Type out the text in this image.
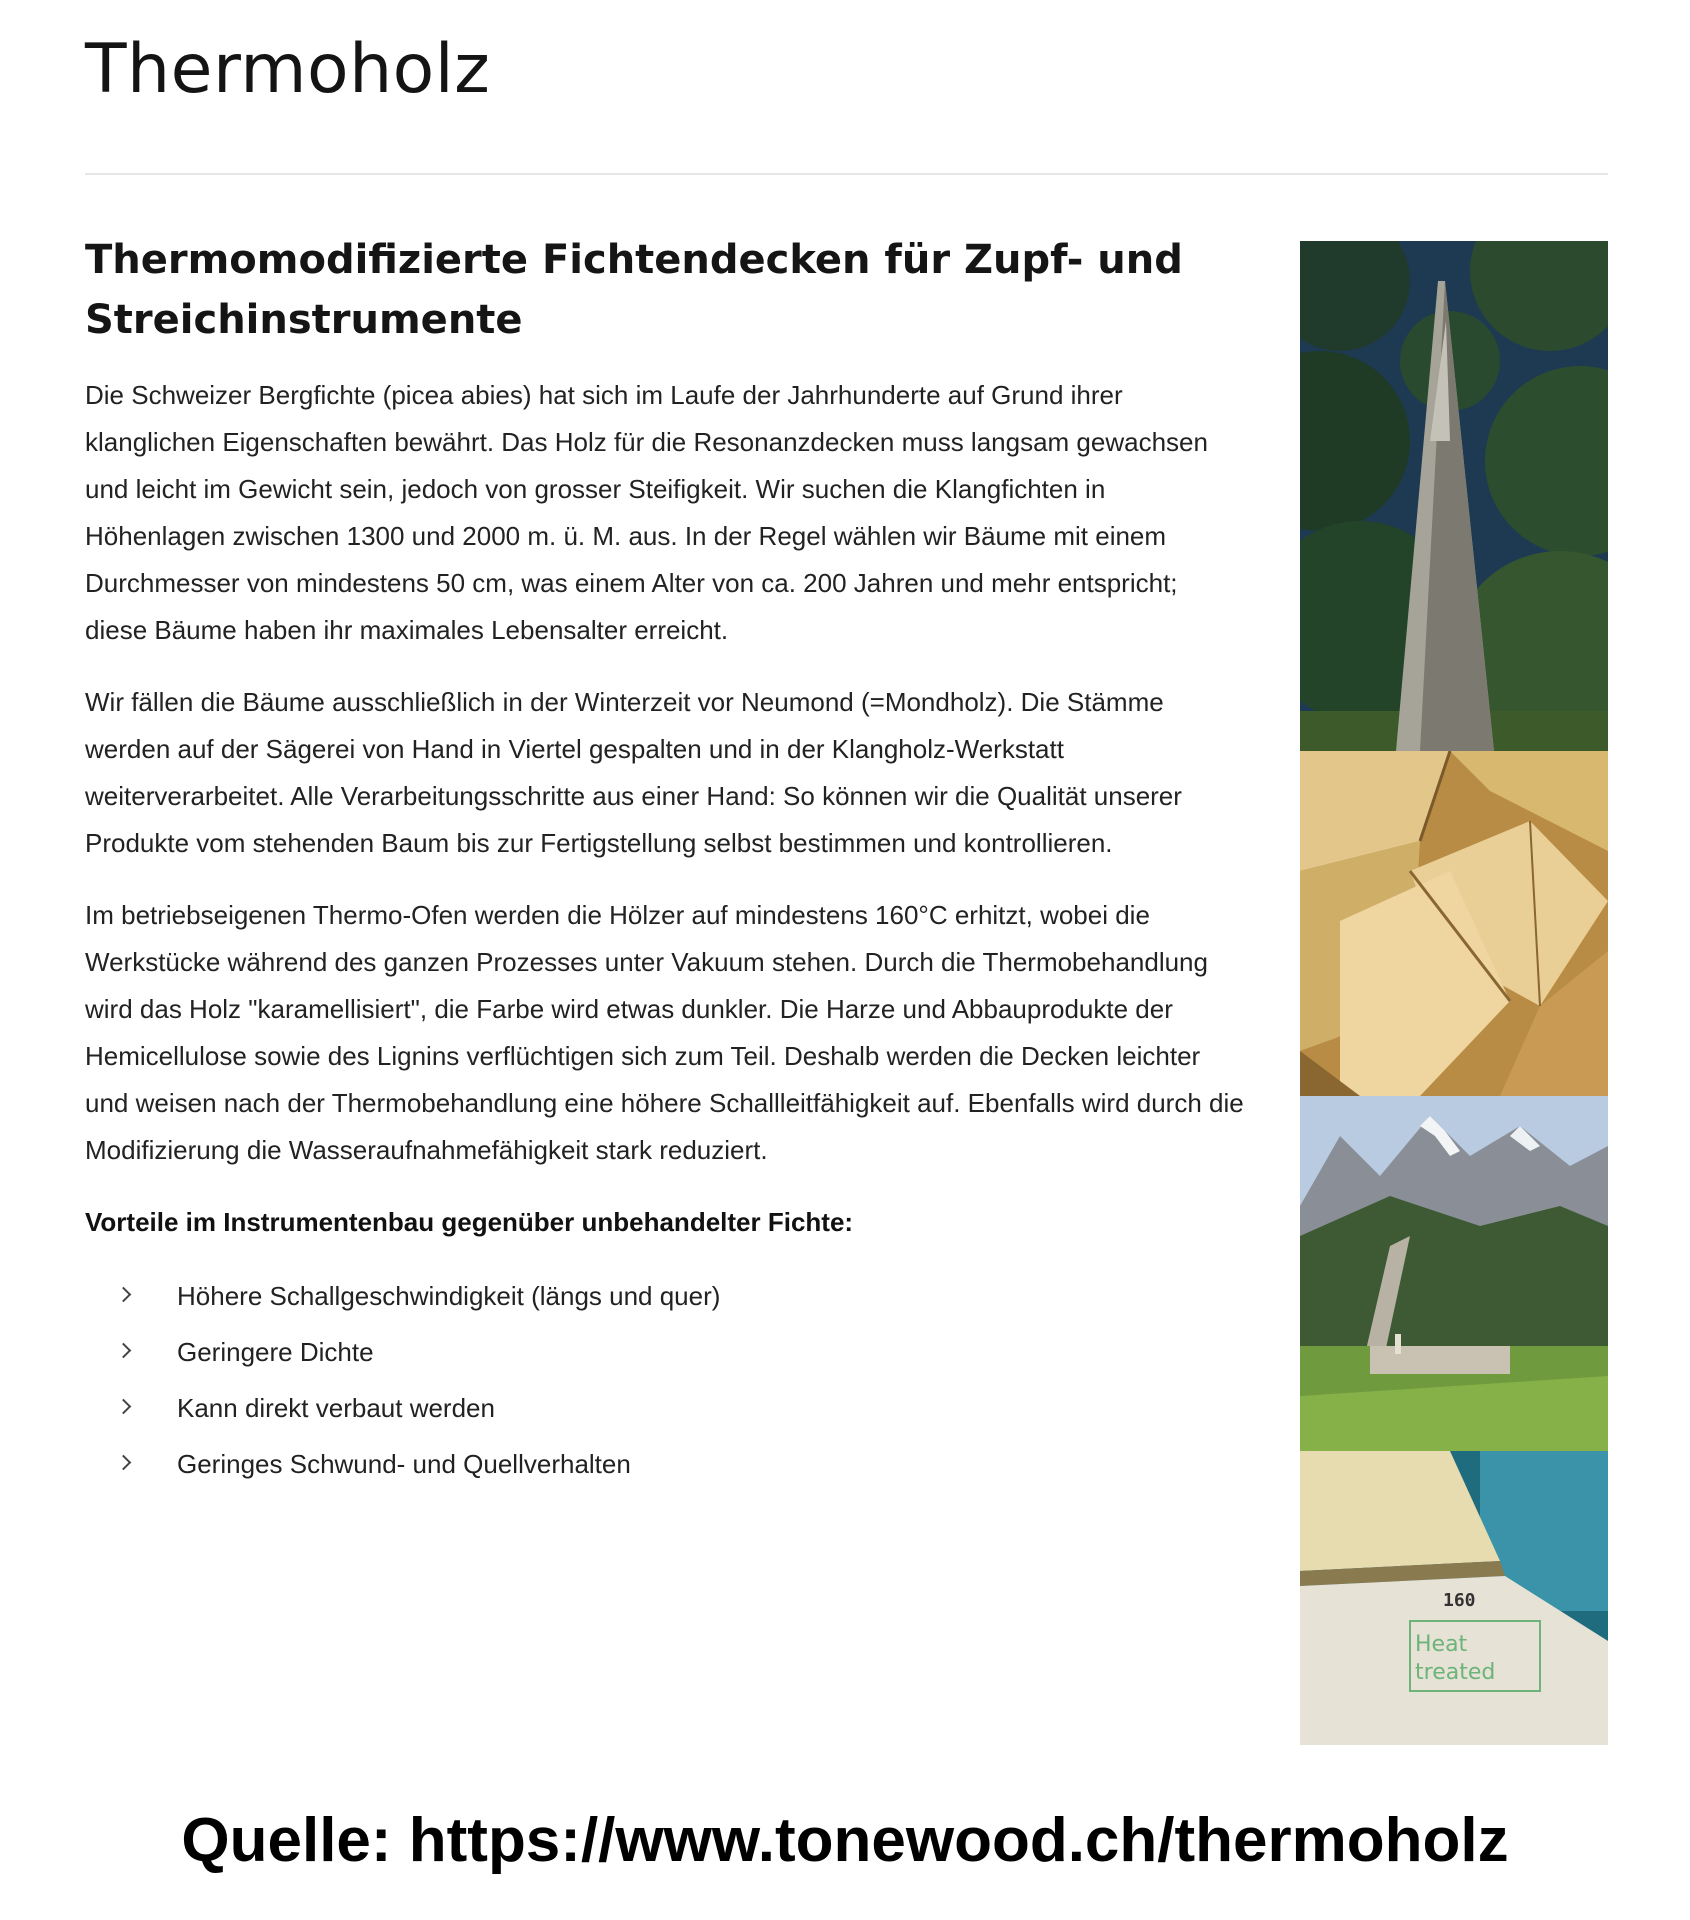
Thermoholz
Thermomodifizierte Fichtendecken für Zupf- und Streichinstrumente

Die Schweizer Bergfichte (picea abies) hat sich im Laufe der Jahrhunderte auf Grund ihrer klanglichen Eigenschaften bewährt. Das Holz für die Resonanzdecken muss langsam gewachsen und leicht im Gewicht sein, jedoch von grosser Steifigkeit. Wir suchen die Klangfichten in Höhenlagen zwischen 1300 und 2000 m. ü. M. aus. In der Regel wählen wir Bäume mit einem Durchmesser von mindestens 50 cm, was einem Alter von ca. 200 Jahren und mehr entspricht; diese Bäume haben ihr maximales Lebensalter erreicht.

Wir fällen die Bäume ausschließlich in der Winterzeit vor Neumond (=Mondholz). Die Stämme werden auf der Sägerei von Hand in Viertel gespalten und in der Klangholz-Werkstatt weiterverarbeitet. Alle Verarbeitungsschritte aus einer Hand: So können wir die Qualität unserer Produkte vom stehenden Baum bis zur Fertigstellung selbst bestimmen und kontrollieren.

Im betriebseigenen Thermo-Ofen werden die Hölzer auf mindestens 160°C erhitzt, wobei die Werkstücke während des ganzen Prozesses unter Vakuum stehen. Durch die Thermobehandlung wird das Holz "karamellisiert", die Farbe wird etwas dunkler. Die Harze und Abbauprodukte der Hemicellulose sowie des Lignins verflüchtigen sich zum Teil. Deshalb werden die Decken leichter und weisen nach der Thermobehandlung eine höhere Schallleitfähigkeit auf. Ebenfalls wird durch die Modifizierung die Wasseraufnahmefähigkeit stark reduziert.

Vorteile im Instrumentenbau gegenüber unbehandelter Fichte:
Höhere Schallgeschwindigkeit (längs und quer)
Geringere Dichte
Kann direkt verbaut werden
Geringes Schwund- und Quellverhalten
160
Heat
treated
Quelle: https://www.tonewood.ch/thermoholz
